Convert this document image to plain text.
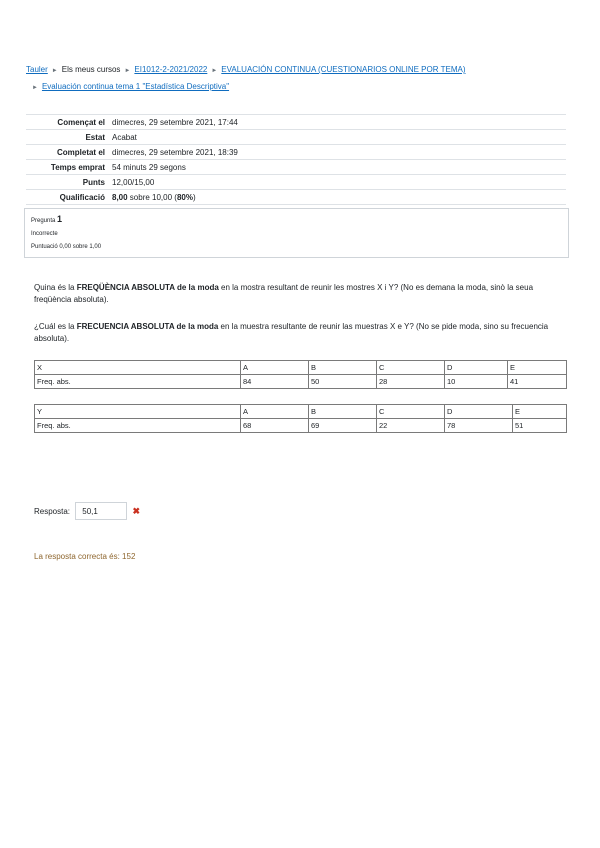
Tauler ► Els meus cursos ► EI1012-2-2021/2022 ► EVALUACIÓN CONTINUA (CUESTIONARIOS ONLINE POR TEMA)
► Evaluación continua tema 1 "Estadística Descriptiva"
Començat el	dimecres, 29 setembre 2021, 17:44
Estat	Acabat
Completat el	dimecres, 29 setembre 2021, 18:39
Temps emprat	54 minuts 29 segons
Punts	12,00/15,00
Qualificació	8,00 sobre 10,00 (80%)
Pregunta 1
Incorrecte
Puntuació 0,00 sobre 1,00
Quina és la FREQÜÈNCIA ABSOLUTA de la moda en la mostra resultant de reunir les mostres X i Y? (No es demana la moda, sinò la seua freqüència absoluta).
¿Cuál es la FRECUENCIA ABSOLUTA de la moda en la muestra resultante de reunir las muestras X e Y? (No se pide moda, sino su frecuencia absoluta).
X	A	B	C	D	E
Freq. abs.	84	50	28	10	41
Y	A	B	C	D	E
Freq. abs.	68	69	22	78	51
Resposta: 50,1	✖
La resposta correcta és: 152
